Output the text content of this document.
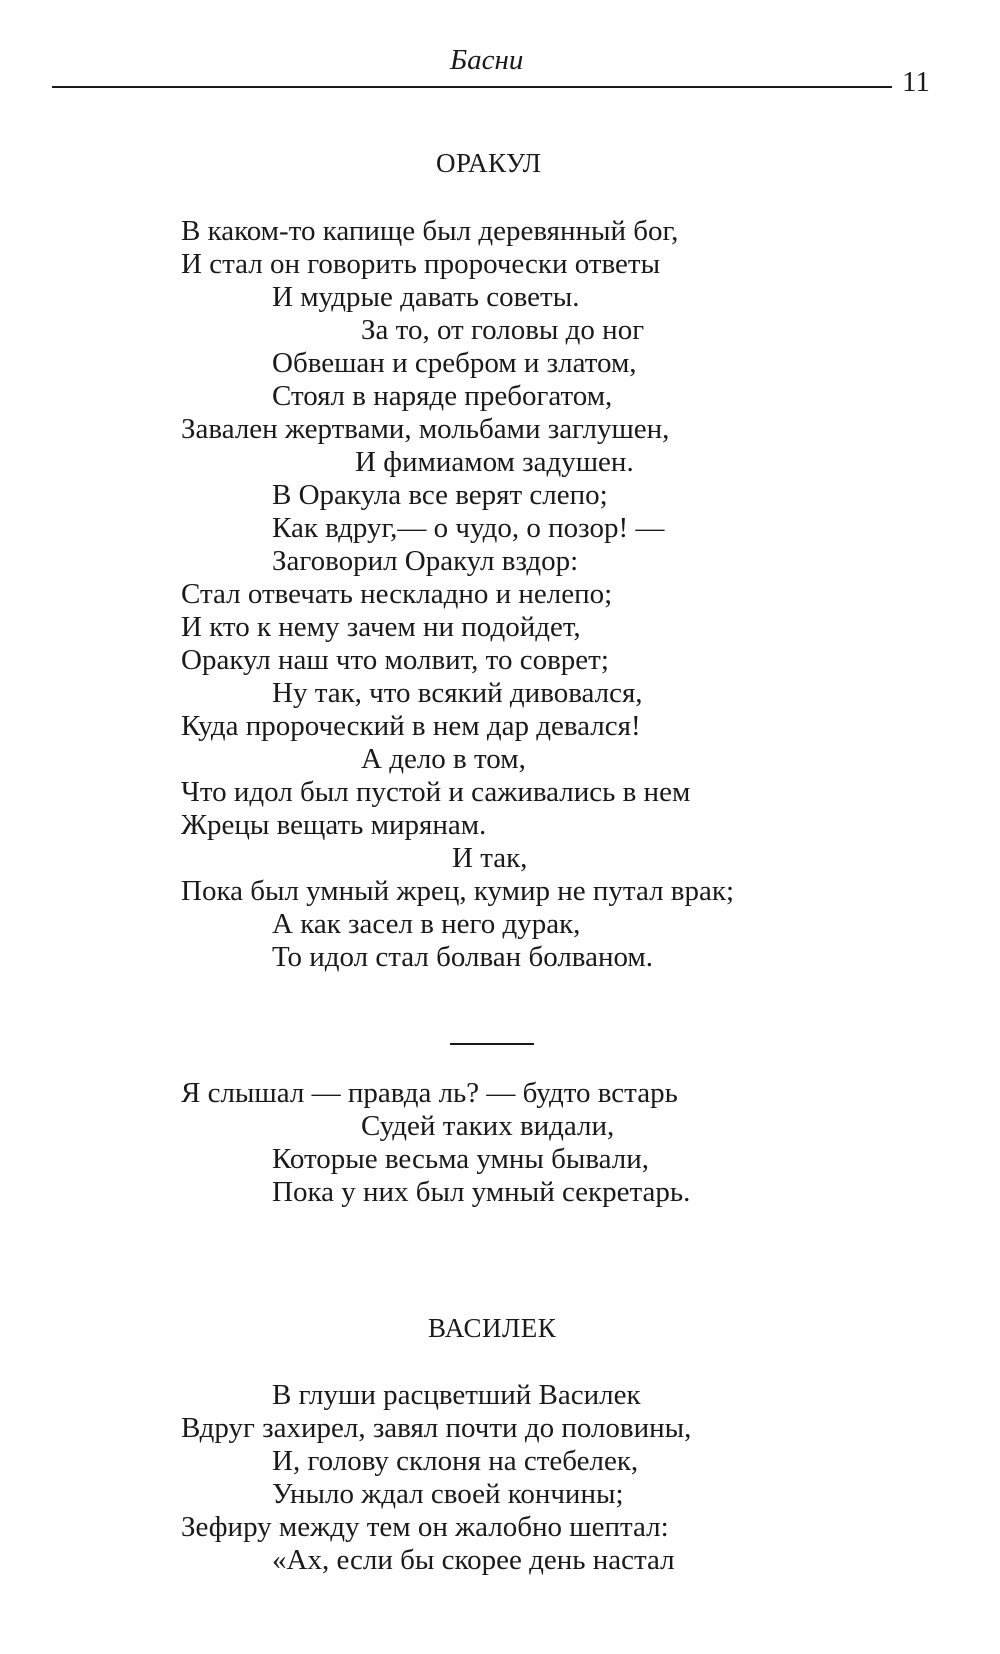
Басни
11
ОРАКУЛ
В каком-то капище был деревянный бог,
И стал он говорить пророчески ответы
И мудрые давать советы.
За то, от головы до ног
Обвешан и сребром и златом,
Стоял в наряде пребогатом,
Завален жертвами, мольбами заглушен,
И фимиамом задушен.
В Оракула все верят слепо;
Как вдруг,— о чудо, о позор! —
Заговорил Оракул вздор:
Стал отвечать нескладно и нелепо;
И кто к нему зачем ни подойдет,
Оракул наш что молвит, то соврет;
Ну так, что всякий дивовался,
Куда пророческий в нем дар девался!
А дело в том,
Что идол был пустой и саживались в нем
Жрецы вещать мирянам.
И так,
Пока был умный жрец, кумир не путал врак;
А как засел в него дурак,
То идол стал болван болваном.
Я слышал — правда ль? — будто встарь
Судей таких видали,
Которые весьма умны бывали,
Пока у них был умный секретарь.
ВАСИЛЕК
В глуши расцветший Василек
Вдруг захирел, завял почти до половины,
И, голову склоня на стебелек,
Уныло ждал своей кончины;
Зефиру между тем он жалобно шептал:
«Ах, если бы скорее день настал
